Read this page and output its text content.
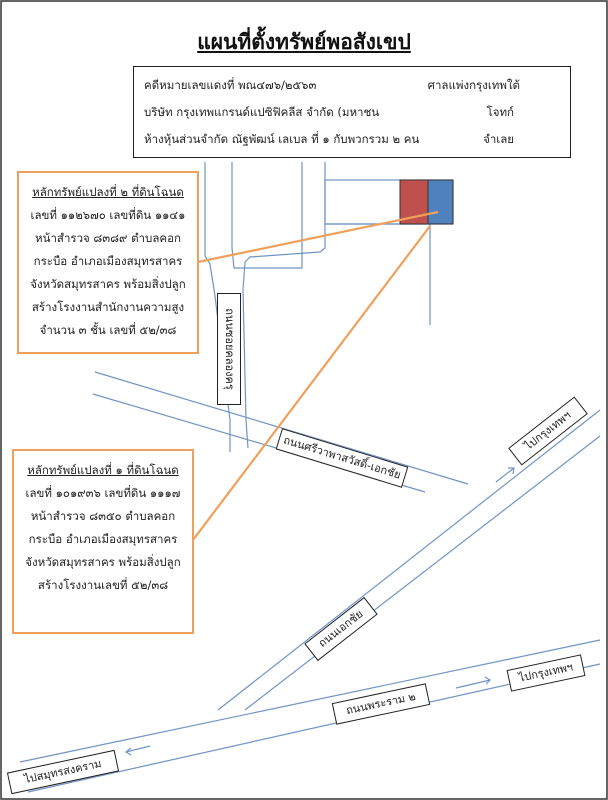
แผนที่ตั้งทรัพย์พอสังเขป
คดีหมายเลขแดงที่ พณ๔๗๖/๒๕๖๓	ศาลแพ่งกรุงเทพใต้
บริษัท กรุงเทพแกรนด์แปซิฟิคลีส จำกัด (มหาชน	โจทก์
ห้างหุ้นส่วนจำกัด ณัฐพัฒน์ เลเบล ที่ ๑ กับพวกรวม ๒ คน	จำเลย
หลักทรัพย์แปลงที่ ๒ ที่ดินโฉนด
เลขที่ ๑๑๒๖๗๐ เลขที่ดิน ๑๑๔๑
หน้าสำรวจ ๘๓๘๙ ตำบลคอก
กระบือ อำเภอเมืองสมุทรสาคร
จังหวัดสมุทรสาคร พร้อมสิ่งปลูก
สร้างโรงงานสำนักงานความสูง
จำนวน ๓ ชั้น เลขที่ ๕๒/๓๘
หลักทรัพย์แปลงที่ ๑ ที่ดินโฉนด
เลขที่ ๑๐๑๙๓๖ เลขที่ดิน ๑๑๑๗
หน้าสำรวจ ๘๓๕๐ ตำบลคอก
กระบือ อำเภอเมืองสมุทรสาคร
จังหวัดสมุทรสาคร พร้อมสิ่งปลูก
สร้างโรงงานเลขที่ ๕๒/๓๘
ถนนซอยคลองครุ
ถนนศรีวาพาสวัสดิ์-เอกชัย
ถนนเอกชัย
ถนนพระราม ๒
ไปกรุงเทพฯ
ไปกรุงเทพฯ
ไปสมุทรสงคราม
